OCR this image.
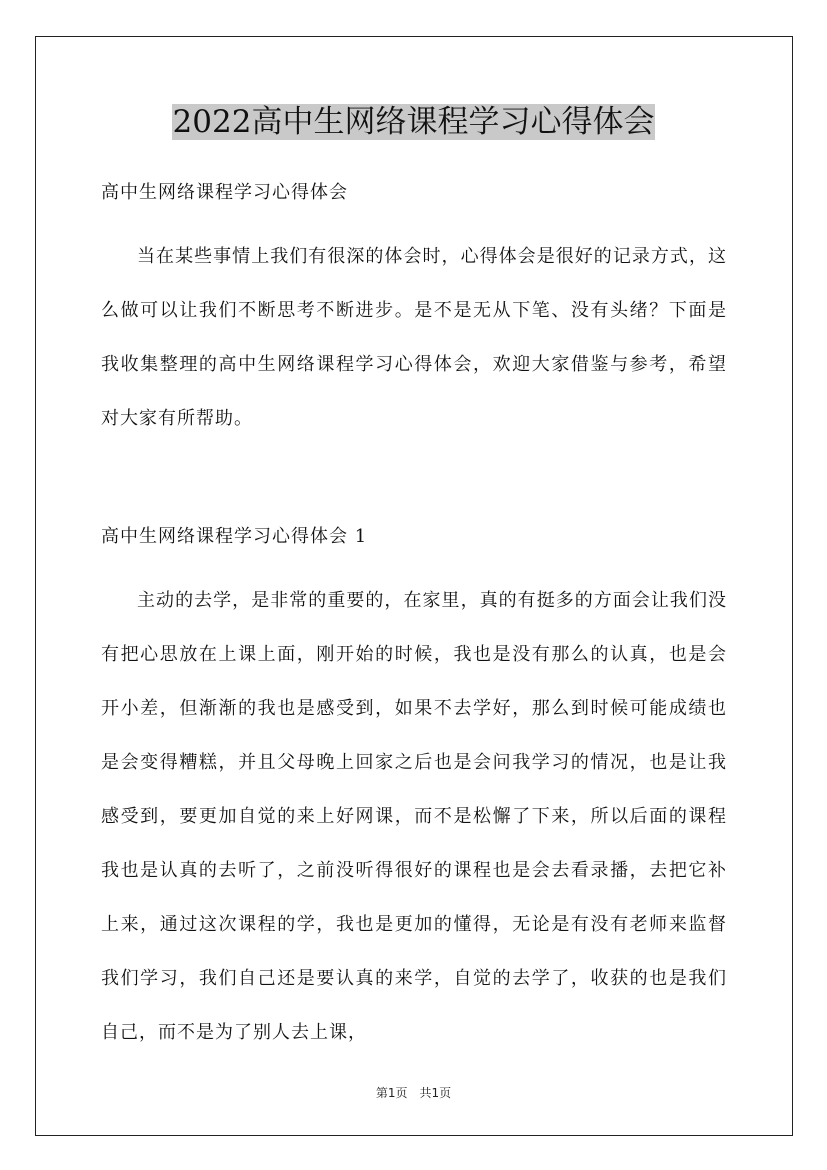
2022高中生网络课程学习心得体会

高中生网络课程学习心得体会

当在某些事情上我们有很深的体会时，心得体会是很好的记录方式，这么做可以让我们不断思考不断进步。是不是无从下笔、没有头绪？下面是我收集整理的高中生网络课程学习心得体会，欢迎大家借鉴与参考，希望对大家有所帮助。

高中生网络课程学习心得体会 1

主动的去学，是非常的重要的，在家里，真的有挺多的方面会让我们没有把心思放在上课上面，刚开始的时候，我也是没有那么的认真，也是会开小差，但渐渐的我也是感受到，如果不去学好，那么到时候可能成绩也是会变得糟糕，并且父母晚上回家之后也是会问我学习的情况，也是让我感受到，要更加自觉的来上好网课，而不是松懈了下来，所以后面的课程我也是认真的去听了，之前没听得很好的课程也是会去看录播，去把它补上来，通过这次课程的学，我也是更加的懂得，无论是有没有老师来监督我们学习，我们自己还是要认真的来学，自觉的去学了，收获的也是我们自己，而不是为了别人去上课，

第1页 共1页
